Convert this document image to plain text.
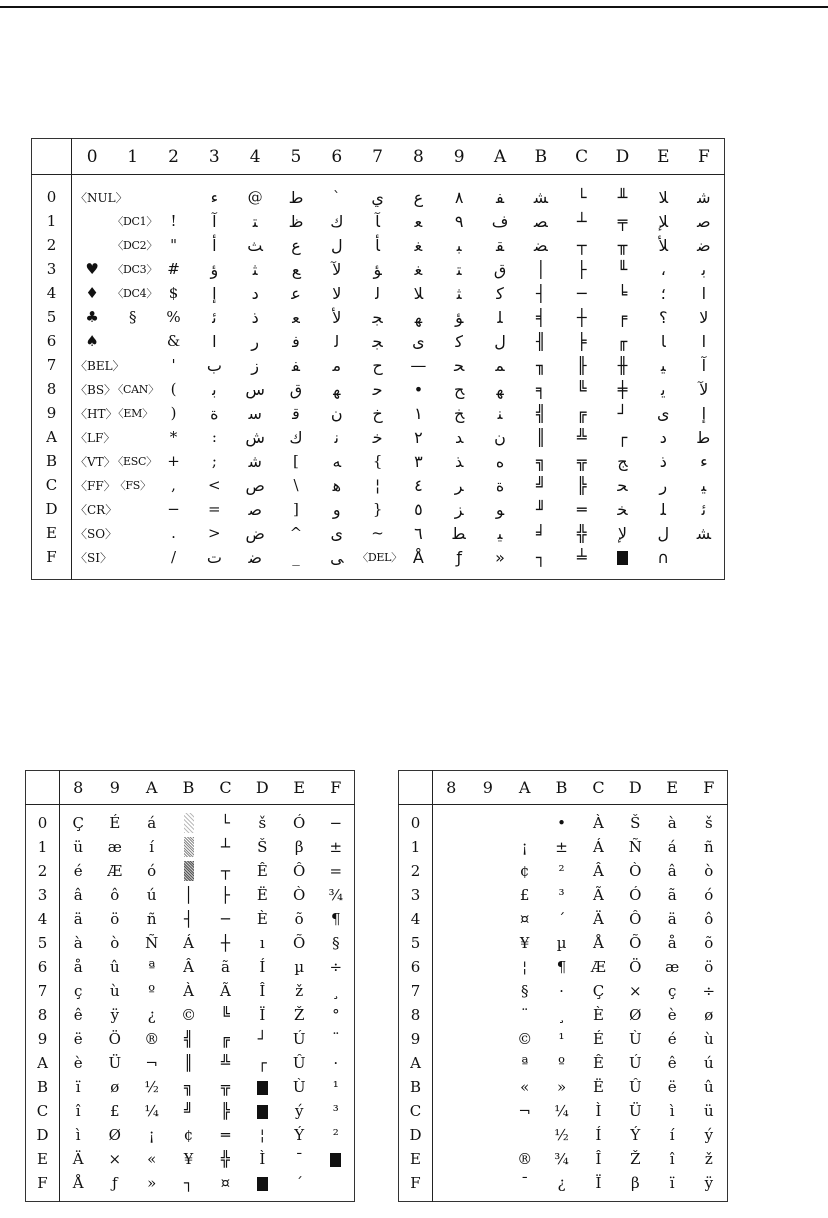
	0	1	2	3	4	5	6	7	8	9	A	B	C	D	E	F
0	〈NUL〉			ﺀ	@	ﻁ	`	ﻱ	ﻉ	٨	ﻔ	ﺸ	└	╨	ﻼ	ﺷ
1		〈DC1〉	!	ﺁ	ﺘ	ﻅ	ﻙ	ﺂ	ﻌ	٩	ﻑ	ﺼ	┴	╤	ﻺ	ﺻ
2		〈DC2〉	"	ﺃ	ﺚ	ﻉ	ﻝ	ﺄ	ﻐ	ﺒ	ﻘ	ﻀ	┬	╥	ﻸ	ﺿ
3	♥	〈DC3〉	#	ﺅ	ﺜ	ﻊ	ﻵ	ﺆ	ﻐ	ﺘ	ﻕ	│	├	╙	،	ﺑ
4	♦	〈DC4〉	$	ﺇ	ﺩ	ﻋ	ﻻ	ﻟ	ﻼ	ﺜ	ﻛ	┤	─	╘	؛	ﺍ
5	♣	§	%	ﺋ	ﺫ	ﻌ	ﻷ	ﺠ	ﻬ	ﺆ	ﻠ	╡	┼	╒	؟	ﻻ
6	♠		&	ا	ﺭ	ﻓ	ﻟ	ﺠ	ﻯ	ﻛ	ﻝ	╢	╞	╓	ﺎ	ﺍ
7	〈BEL〉		'	ﺏ	ﺯ	ﻔ	ﻣ	ﺡ	—	ﺤ	ﻤ	╖	╟	╫	ﻴ	ﺁ
8	〈BS〉	〈CAN〉	(	ﺑ	ﺱ	ﻕ	ﻬ	ﺣ	•	ﺢ	ﻬ	╕	╚	╪	ﻳ	ﻵ
9	〈HT〉	〈EM〉	)	ﺓ	ﺳ	ﻗ	ﻥ	ﺥ	١	ﺦ	ﻨ	╣	╔	┘	ﻯ	ﺇ
A	〈LF〉		*	:	ﺵ	ﻙ	ﻧ	ﺧ	٢	ﺪ	ﻥ	║	╩	┌	ﺩ	ﻃ
B	〈VT〉	〈ESC〉	+	;	ﺷ	[	ﻪ	{	٣	ﺬ	ه	╗	╦	ﺞ	ﺫ	ﺀ
C	〈FF〉	〈FS〉	,	<	ﺹ	\	ﻫ	¦	٤	ﺮ	ة	╝	╠	ﺤ	ﺭ	ﻴ
D	〈CR〉		−	=	ﺻ	]	ﻭ	}	٥	ﺰ	ﻮ	╜	═	ﺨ	ﻠ	ﺋ
E	〈SO〉		.	>	ﺽ	^	ﻯ	~	٦	ﻄ	ﻴ	╛	╬	ﻹ	ﻝ	ﺸ
F	〈SI〉		/	ﺕ	ﺿ	_	ﻰ	〈DEL〉	Å	ƒ	»	┐	╧		∩	
	8	9	A	B	C	D	E	F
0	Ç	É	á		└	š	Ó	−
1	ü	æ	í		┴	Š	β	±
2	é	Æ	ó		┬	Ê	Ô	=
3	â	ô	ú	│	├	Ë	Ò	¾
4	ä	ö	ñ	┤	─	È	õ	¶
5	à	ò	Ñ	Á	┼	ı	Õ	§
6	å	û	ª	Â	ã	Í	µ	÷
7	ç	ù	º	À	Ã	Î	ž	¸
8	ê	ÿ	¿	©	╚	Ï	Ž	°
9	ë	Ö	®	╣	╔	┘	Ú	¨
A	è	Ü	¬	║	╩	┌	Û	·
B	ï	ø	½	╗	╦		Ù	¹
C	î	£	¼	╝	╠		ý	³
D	ì	Ø	¡	¢	═	¦	Ý	²
E	Ä	×	«	¥	╬	Ì	¯	
F	Å	ƒ	»	┐	¤		´	
	8	9	A	B	C	D	E	F
0				•	À	Š	à	š
1			¡	±	Á	Ñ	á	ñ
2			¢	²	Â	Ò	â	ò
3			£	³	Ã	Ó	ã	ó
4			¤	´	Ä	Ô	ä	ô
5			¥	µ	Å	Õ	å	õ
6			¦	¶	Æ	Ö	æ	ö
7			§	·	Ç	×	ç	÷
8			¨	¸	È	Ø	è	ø
9			©	¹	É	Ù	é	ù
A			ª	º	Ê	Ú	ê	ú
B			«	»	Ë	Û	ë	û
C			¬	¼	Ì	Ü	ì	ü
D				½	Í	Ý	í	ý
E			®	¾	Î	Ž	î	ž
F			¯	¿	Ï	β	ï	ÿ
